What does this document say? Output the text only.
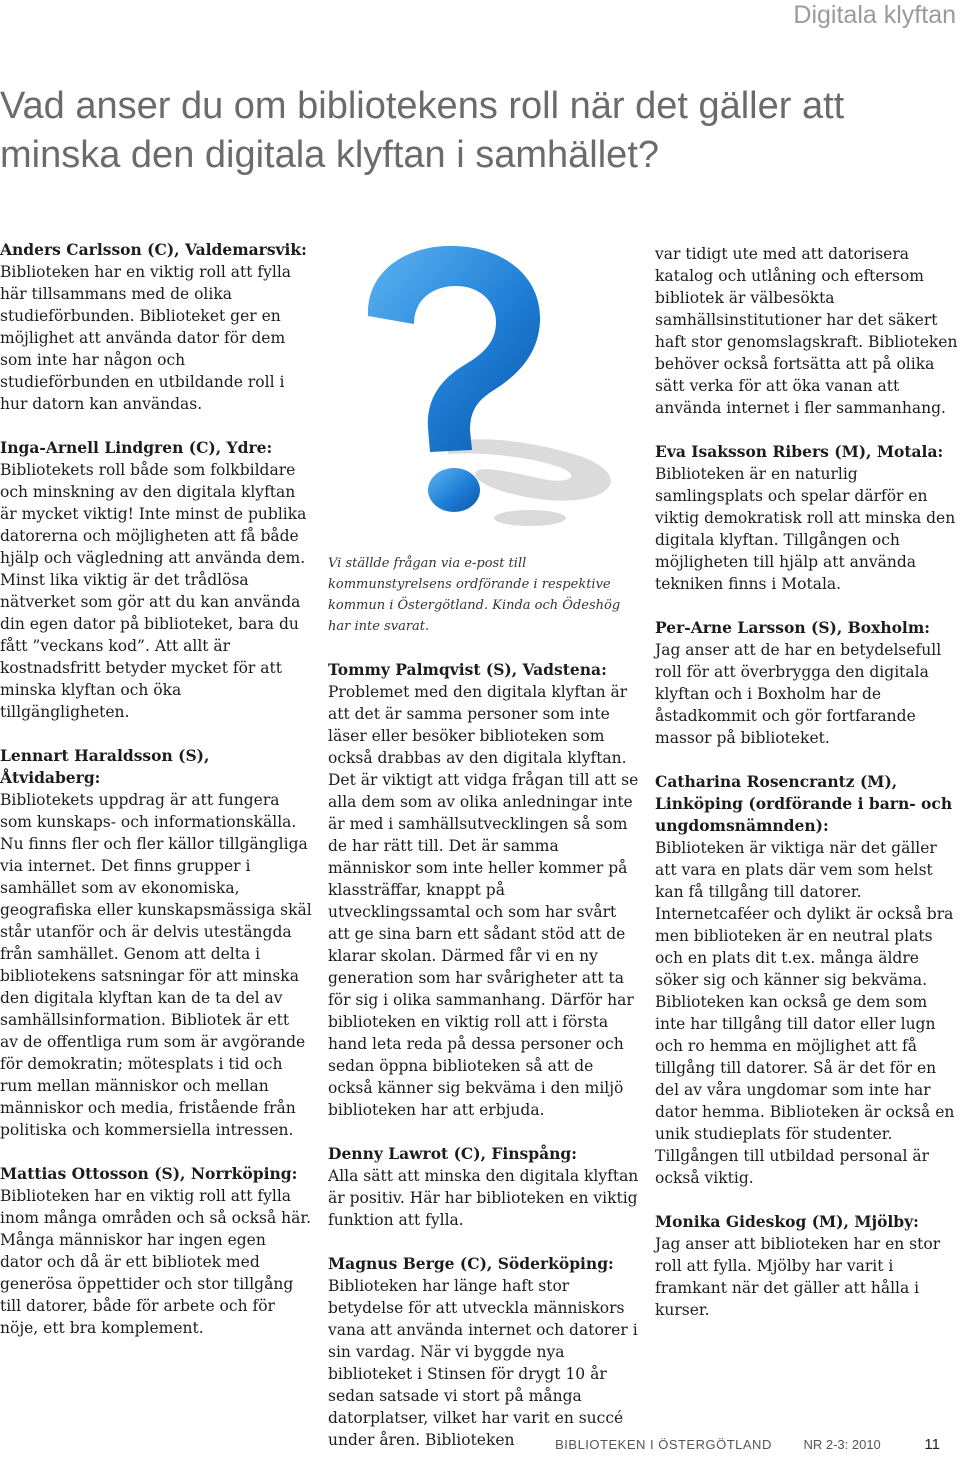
Digitala klyftan

Vad anser du om bibliotekens roll när det gäller att minska den digitala klyftan i samhället?

Anders Carlsson (C), Valdemarsvik:

Biblioteken har en viktig roll att fylla här tillsammans med de olika studieförbunden. Biblioteket ger en möjlighet att använda dator för dem som inte har någon och studieförbunden en utbildande roll i hur datorn kan användas.

Inga-Arnell Lindgren (C), Ydre:

Bibliotekets roll både som folkbildare och minskning av den digitala klyftan är mycket viktig! Inte minst de publika datorerna och möjligheten att få både hjälp och vägledning att använda dem. Minst lika viktig är det trådlösa nätverket som gör att du kan använda din egen dator på biblioteket, bara du fått ”veckans kod”. Att allt är kostnadsfritt betyder mycket för att minska klyftan och öka tillgängligheten.

Lennart Haraldsson (S), Åtvidaberg:

Bibliotekets uppdrag är att fungera som kunskaps- och informationskälla. Nu finns fler och fler källor tillgängliga via internet. Det finns grupper i samhället som av ekonomiska, geografiska eller kunskapsmässiga skäl står utanför och är delvis utestängda från samhället. Genom att delta i bibliotekens satsningar för att minska den digitala klyftan kan de ta del av samhällsinformation. Bibliotek är ett av de offentliga rum som är avgörande för demokratin; mötesplats i tid och rum mellan människor och mellan människor och media, fristående från politiska och kommersiella intressen.

Mattias Ottosson (S), Norrköping:

Biblioteken har en viktig roll att fylla inom många områden och så också här. Många människor har ingen egen dator och då är ett bibliotek med generösa öppettider och stor tillgång till datorer, både för arbete och för nöje, ett bra komplement.

Vi ställde frågan via e-post till kommunstyrelsens ordförande i respektive kommun i Östergötland. Kinda och Ödeshög har inte svarat.

Tommy Palmqvist (S), Vadstena:

Problemet med den digitala klyftan är att det är samma personer som inte läser eller besöker biblioteken som också drabbas av den digitala klyftan. Det är viktigt att vidga frågan till att se alla dem som av olika anledningar inte är med i samhällsutvecklingen så som de har rätt till. Det är samma människor som inte heller kommer på klassträffar, knappt på utvecklingssamtal och som har svårt att ge sina barn ett sådant stöd att de klarar skolan. Därmed får vi en ny generation som har svårigheter att ta för sig i olika sammanhang. Därför har biblioteken en viktig roll att i första hand leta reda på dessa personer och sedan öppna biblioteken så att de också känner sig bekväma i den miljö biblioteken har att erbjuda.

Denny Lawrot (C), Finspång:

Alla sätt att minska den digitala klyftan är positiv. Här har biblioteken en viktig funktion att fylla.

Magnus Berge (C), Söderköping:

Biblioteken har länge haft stor betydelse för att utveckla människors vana att använda internet och datorer i sin vardag. När vi byggde nya biblioteket i Stinsen för drygt 10 år sedan satsade vi stort på många datorplatser, vilket har varit en succé under åren. Biblioteken

var tidigt ute med att datorisera katalog och utlåning och eftersom bibliotek är välbesökta samhällsinstitutioner har det säkert haft stor genomslagskraft. Biblioteken behöver också fortsätta att på olika sätt verka för att öka vanan att använda internet i fler sammanhang.

Eva Isaksson Ribers (M), Motala:

Biblioteken är en naturlig samlingsplats och spelar därför en viktig demokratisk roll att minska den digitala klyftan. Tillgången och möjligheten till hjälp att använda tekniken finns i Motala.

Per-Arne Larsson (S), Boxholm:

Jag anser att de har en betydelsefull roll för att överbrygga den digitala klyftan och i Boxholm har de åstadkommit och gör fortfarande massor på biblioteket.

Catharina Rosencrantz (M), Linköping (ordförande i barn- och ungdomsnämnden):

Biblioteken är viktiga när det gäller att vara en plats där vem som helst kan få tillgång till datorer. Internetcaféer och dylikt är också bra men biblioteken är en neutral plats och en plats dit t.ex. många äldre söker sig och känner sig bekväma. Biblioteken kan också ge dem som inte har tillgång till dator eller lugn och ro hemma en möjlighet att få tillgång till datorer. Så är det för en del av våra ungdomar som inte har dator hemma. Biblioteken är också en unik studieplats för studenter. Tillgången till utbildad personal är också viktig.

Monika Gideskog (M), Mjölby:

Jag anser att biblioteken har en stor roll att fylla. Mjölby har varit i framkant när det gäller att hålla i kurser.

BIBLIOTEKEN I ÖSTERGÖTLAND NR 2-3: 2010	11
